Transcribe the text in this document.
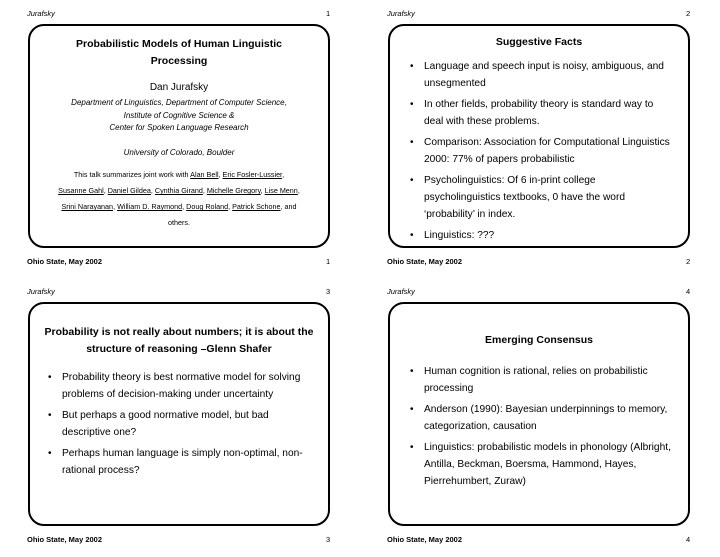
Jurafsky	1
Probabilistic Models of Human Linguistic Processing
Dan Jurafsky
Department of Linguistics, Department of Computer Science,
Institute of Cognitive Science &
Center for Spoken Language Research
University of Colorado, Boulder
This talk summarizes joint work with Alan Bell, Eric Fosler-Lussier,
Susanne Gahl, Daniel Gildea, Cynthia Girand, Michelle Gregory, Lise Menn,
Srini Narayanan, William D. Raymond, Doug Roland, Patrick Schone, and
others.
Ohio State, May 2002	1
Jurafsky	2
Suggestive Facts
• Language and speech input is noisy, ambiguous, and unsegmented
• In other fields, probability theory is standard way to deal with these problems.
• Comparison: Association for Computational Linguistics 2000: 77% of papers probabilistic
• Psycholinguistics: Of 6 in-print college psycholinguistics textbooks, 0 have the word ‘probability’ in index.
• Linguistics: ???
Ohio State, May 2002	2
Jurafsky	3
Probability is not really about numbers; it is about the structure of reasoning –Glenn Shafer
• Probability theory is best normative model for solving problems of decision-making under uncertainty
• But perhaps a good normative model, but bad descriptive one?
• Perhaps human language is simply non-optimal, non-rational process?
Ohio State, May 2002	3
Jurafsky	4
Emerging Consensus
• Human cognition is rational, relies on probabilistic processing
• Anderson (1990): Bayesian underpinnings to memory, categorization, causation
• Linguistics: probabilistic models in phonology (Albright, Antilla, Beckman, Boersma, Hammond, Hayes, Pierrehumbert, Zuraw)
Ohio State, May 2002	4
